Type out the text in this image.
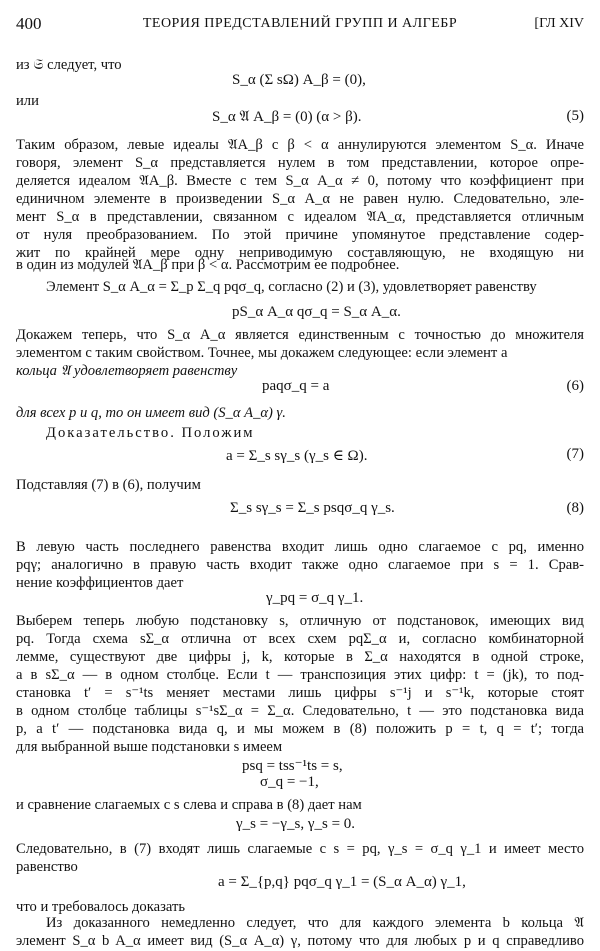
400	ТЕОРИЯ ПРЕДСТАВЛЕНИЙ ГРУПП И АЛГЕБР	[ГЛ XIV
из 𝔖 следует, что
S_α (Σ sΩ) A_β = (0),
или
S_α 𝔄 A_β = (0) (α > β).	(5)
Таким образом, левые идеалы 𝔄A_β с β < α аннулируются элементом S_α. Иначе
говоря, элемент S_α представляется нулем в том представлении, которое опре-
деляется идеалом 𝔄A_β. Вместе с тем S_α A_α ≠ 0, потому что коэффициент при
единичном элементе в произведении S_α A_α не равен нулю. Следовательно, эле-
мент S_α в представлении, связанном с идеалом 𝔄A_α, представляется отличным
от нуля преобразованием. По этой причине упомянутое представление содер-
жит по крайней мере одну неприводимую составляющую, не входящую ни
в один из модулей 𝔄A_β при β < α. Рассмотрим ее подробнее.
Элемент S_α A_α = Σ_p Σ_q pqσ_q, согласно (2) и (3), удовлетворяет равенству
pS_α A_α qσ_q = S_α A_α.
Докажем теперь, что S_α A_α является единственным с точностью до множителя
элементом с таким свойством. Точнее, мы докажем следующее: если элемент a
кольца 𝔄 удовлетворяет равенству
paqσ_q = a	(6)
для всех p и q, то он имеет вид (S_α A_α) γ.
Доказательство. Положим
a = Σ_s sγ_s (γ_s ∈ Ω).	(7)
Подставляя (7) в (6), получим
Σ_s sγ_s = Σ_s psqσ_q γ_s.	(8)
В левую часть последнего равенства входит лишь одно слагаемое с pq, именно
pqγ; аналогично в правую часть входит также одно слагаемое при s = 1. Срав-
нение коэффициентов дает
γ_pq = σ_q γ_1.
Выберем теперь любую подстановку s, отличную от подстановок, имеющих вид
pq. Тогда схема sΣ_α отлична от всех схем pqΣ_α и, согласно комбинаторной
лемме, существуют две цифры j, k, которые в Σ_α находятся в одной строке,
а в sΣ_α — в одном столбце. Если t — транспозиция этих цифр: t = (jk), то под-
становка t′ = s⁻¹ts меняет местами лишь цифры s⁻¹j и s⁻¹k, которые стоят
в одном столбце таблицы s⁻¹sΣ_α = Σ_α. Следовательно, t — это подстановка вида
p, а t′ — подстановка вида q, и мы можем в (8) положить p = t, q = t′; тогда
для выбранной выше подстановки s имеем
psq = tss⁻¹ts = s,
σ_q = −1,
и сравнение слагаемых с s слева и справа в (8) дает нам
γ_s = −γ_s, γ_s = 0.
Следовательно, в (7) входят лишь слагаемые с s = pq, γ_s = σ_q γ_1 и имеет место
равенство
a = Σ_{p,q} pqσ_q γ_1 = (S_α A_α) γ_1,
что и требовалось доказать
Из доказанного немедленно следует, что для каждого элемента b кольца 𝔄
элемент S_α b A_α имеет вид (S_α A_α) γ, потому что для любых p и q справедливо
